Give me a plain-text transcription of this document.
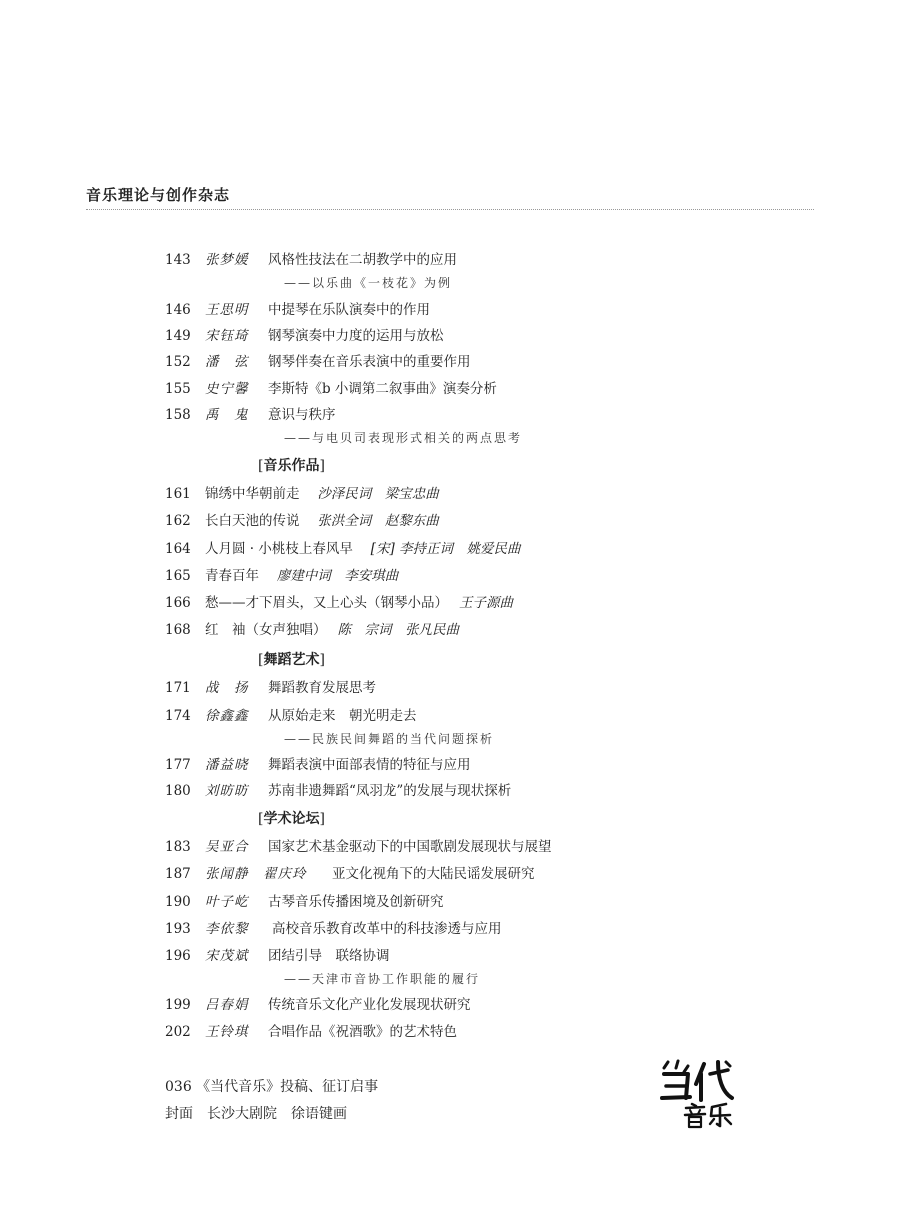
音乐理论与创作杂志
143	张梦媛	风格性技法在二胡教学中的应用
——以乐曲《一枝花》为例
146	王思明	中提琴在乐队演奏中的作用
149	宋钰琦	钢琴演奏中力度的运用与放松
152	潘　弦	钢琴伴奏在音乐表演中的重要作用
155	史宁馨	李斯特《b 小调第二叙事曲》演奏分析
158	禹　鬼	意识与秩序
——与电贝司表现形式相关的两点思考
[音乐作品]
161	锦绣中华朝前走　 沙泽民词　梁宝忠曲
162	长白天池的传说　 张洪全词　赵黎东曲
164	人月圆 · 小桃枝上春风早　 [宋] 李持正词　姚爱民曲
165	青春百年　 廖建中词　李安琪曲
166	愁——才下眉头，又上心头（钢琴小品）　 王子源曲
168	红　袖（女声独唱）　 陈　宗词　张凡民曲
[舞蹈艺术]
171	战　扬	舞蹈教育发展思考
174	徐鑫鑫	从原始走来　朝光明走去
——民族民间舞蹈的当代问题探析
177	潘益晓	舞蹈表演中面部表情的特征与应用
180	刘昉昉	苏南非遗舞蹈“凤羽龙”的发展与现状探析
[学术论坛]
183	吴亚合	国家艺术基金驱动下的中国歌剧发展现状与展望
187	张闻静　翟庆玲	亚文化视角下的大陆民谣发展研究
190	叶子屹	古琴音乐传播困境及创新研究
193	李依黎	高校音乐教育改革中的科技渗透与应用
196	宋茂斌	团结引导　联络协调
——天津市音协工作职能的履行
199	吕春娟	传统音乐文化产业化发展现状研究
202	王铃琪	合唱作品《祝酒歌》的艺术特色
036 《当代音乐》投稿、征订启事
封面　长沙大剧院　徐语键画
